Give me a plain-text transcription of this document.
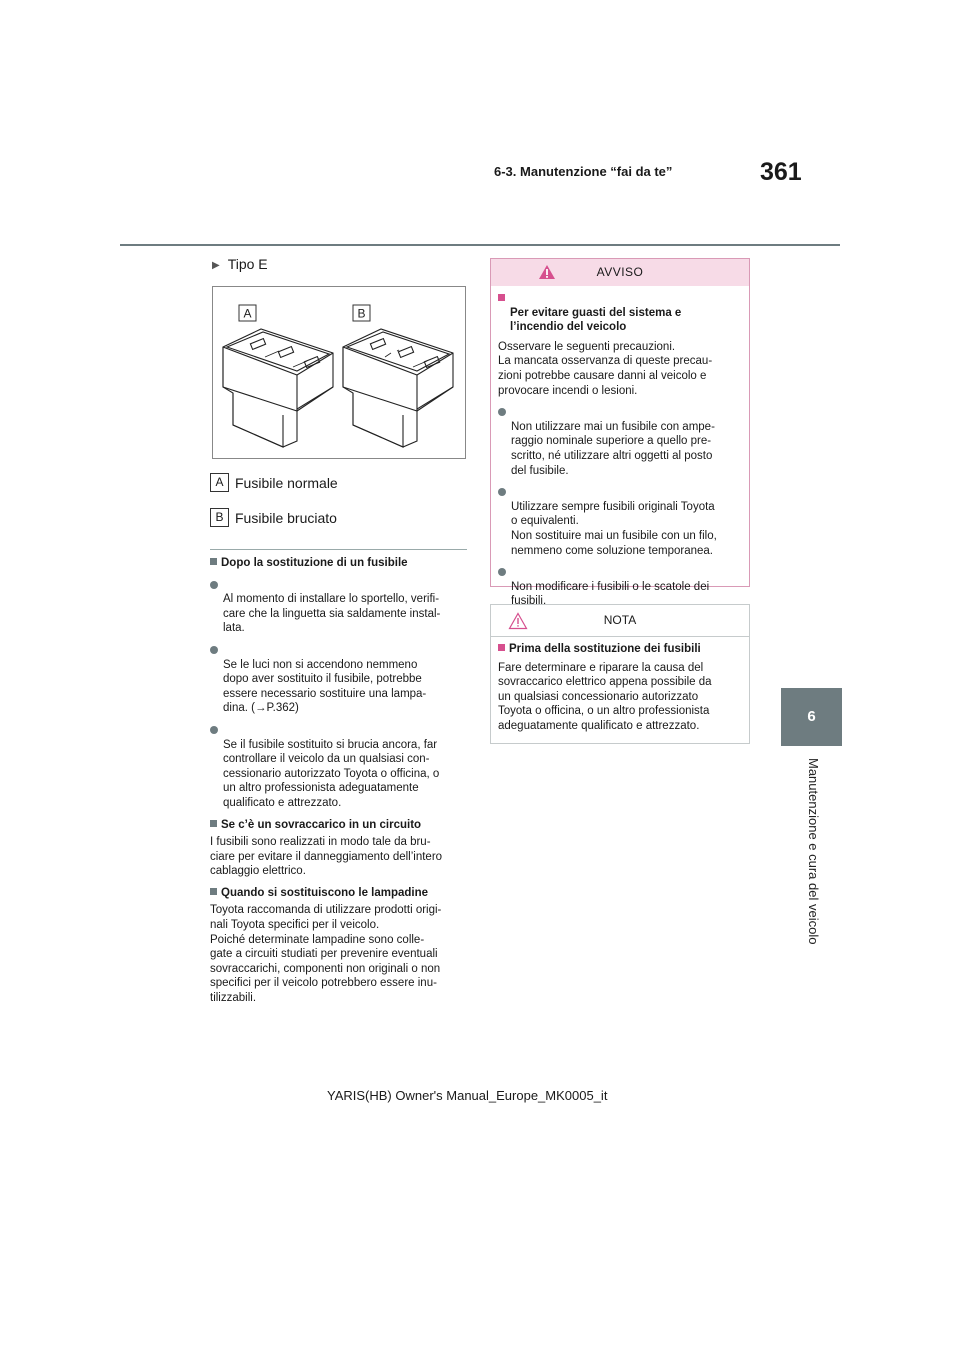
6-3. Manutenzione “fai da te”	361
6
Manutenzione e cura del veicolo
▶ Tipo E
A	B
A Fusibile normale
B Fusibile bruciato
Dopo la sostituzione di un fusibile

Al momento di installare lo sportello, verifi-
care che la linguetta sia saldamente instal-
lata.

Se le luci non si accendono nemmeno
dopo aver sostituito il fusibile, potrebbe
essere necessario sostituire una lampa-
dina. (→P.362)

Se il fusibile sostituito si brucia ancora, far
controllare il veicolo da un qualsiasi con-
cessionario autorizzato Toyota o officina, o
un altro professionista adeguatamente
qualificato e attrezzato.

Se c’è un sovraccarico in un circuito
I fusibili sono realizzati in modo tale da bru-
ciare per evitare il danneggiamento dell’intero
cablaggio elettrico.
Quando si sostituiscono le lampadine
Toyota raccomanda di utilizzare prodotti origi-
nali Toyota specifici per il veicolo.
Poiché determinate lampadine sono colle-
gate a circuiti studiati per prevenire eventuali
sovraccarichi, componenti non originali o non
specifici per il veicolo potrebbero essere inu-
tilizzabili.
AVVISO

Per evitare guasti del sistema e
l’incendio del veicolo

Osservare le seguenti precauzioni.
La mancata osservanza di queste precau-
zioni potrebbe causare danni al veicolo e
provocare incendi o lesioni.

Non utilizzare mai un fusibile con ampe-
raggio nominale superiore a quello pre-
scritto, né utilizzare altri oggetti al posto
del fusibile.

Utilizzare sempre fusibili originali Toyota
o equivalenti.
Non sostituire mai un fusibile con un filo,
nemmeno come soluzione temporanea.

Non modificare i fusibili o le scatole dei
fusibili.

NOTA
Prima della sostituzione dei fusibili
Fare determinare e riparare la causa del
sovraccarico elettrico appena possibile da
un qualsiasi concessionario autorizzato
Toyota o officina, o un altro professionista
adeguatamente qualificato e attrezzato.
YARIS(HB) Owner's Manual_Europe_MK0005_it
